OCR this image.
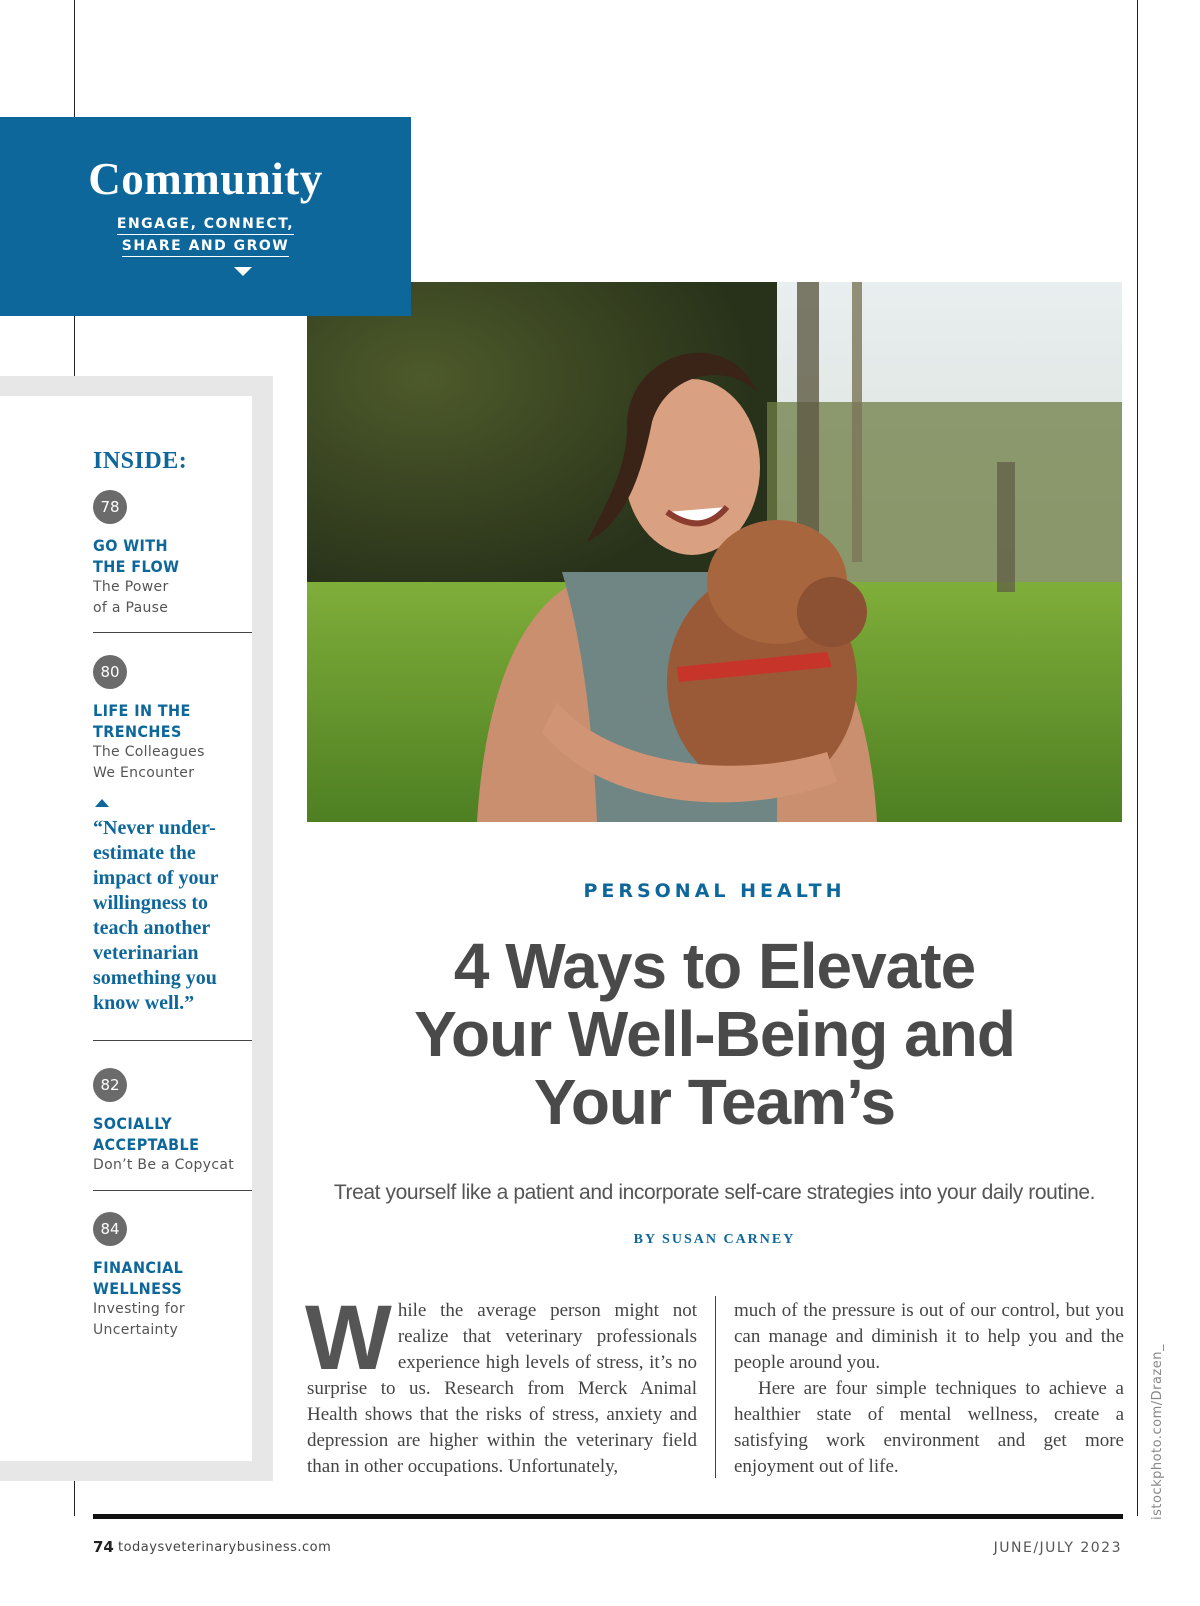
Community
ENGAGE, CONNECT,
SHARE AND GROW
INSIDE:
78
GO WITH
THE FLOW
The Power
of a Pause
80
LIFE IN THE
TRENCHES
The Colleagues
We Encounter
“Never under-estimate the impact of your willingness to teach another veterinarian something you know well.”
82
SOCIALLY
ACCEPTABLE
Don’t Be a Copycat
84
FINANCIAL
WELLNESS
Investing for
Uncertainty
PERSONAL HEALTH
4 Ways to Elevate
Your Well-Being and
Your Team’s
Treat yourself like a patient and incorporate self-care strategies into your daily routine.
BY SUSAN CARNEY
While the average person might not realize that veterinary professionals experience high levels of stress, it’s no surprise to us. Research from Merck Animal Health shows that the risks of stress, anxiety and depression are higher within the veterinary field than in other occupations. Unfortunately,

much of the pressure is out of our control, but you can manage and diminish it to help you and the people around you.

Here are four simple techniques to achieve a healthier state of mental wellness, create a satisfying work environment and get more enjoyment out of life.	istockphoto.com/Drazen_
74 todaysveterinarybusiness.com	JUNE/JULY 2023
